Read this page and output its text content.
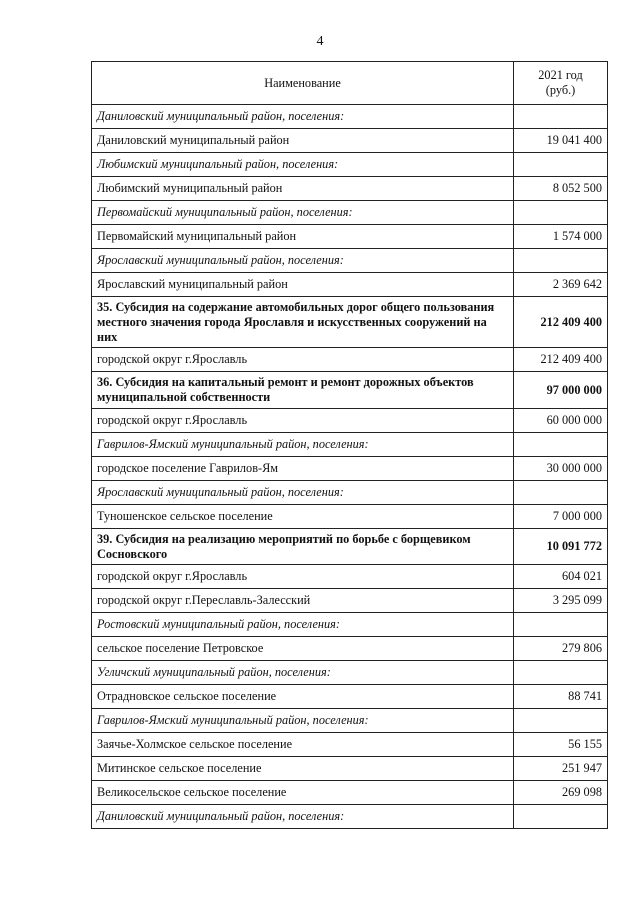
4
Наименование	2021 год
(руб.)
Даниловский муниципальный район, поселения:	
Даниловский муниципальный район	19 041 400
Любимский муниципальный район, поселения:	
Любимский муниципальный район	8 052 500
Первомайский муниципальный район, поселения:	
Первомайский муниципальный район	1 574 000
Ярославский муниципальный район, поселения:	
Ярославский муниципальный район	2 369 642
35. Субсидия на содержание автомобильных дорог общего пользования местного значения города Ярославля и искусственных сооружений на них	212 409 400
городской округ г.Ярославль	212 409 400
36. Субсидия на капитальный ремонт и ремонт дорожных объектов муниципальной собственности	97 000 000
городской округ г.Ярославль	60 000 000
Гаврилов-Ямский муниципальный район, поселения:	
городское поселение Гаврилов-Ям	30 000 000
Ярославский муниципальный район, поселения:	
Туношенское сельское поселение	7 000 000
39. Субсидия на реализацию мероприятий по борьбе с борщевиком Сосновского	10 091 772
городской округ г.Ярославль	604 021
городской округ г.Переславль-Залесский	3 295 099
Ростовский муниципальный район, поселения:	
сельское поселение Петровское	279 806
Угличский муниципальный район, поселения:	
Отрадновское сельское поселение	88 741
Гаврилов-Ямский муниципальный район, поселения:	
Заячье-Холмское сельское поселение	56 155
Митинское сельское поселение	251 947
Великосельское сельское поселение	269 098
Даниловский муниципальный район, поселения:	
